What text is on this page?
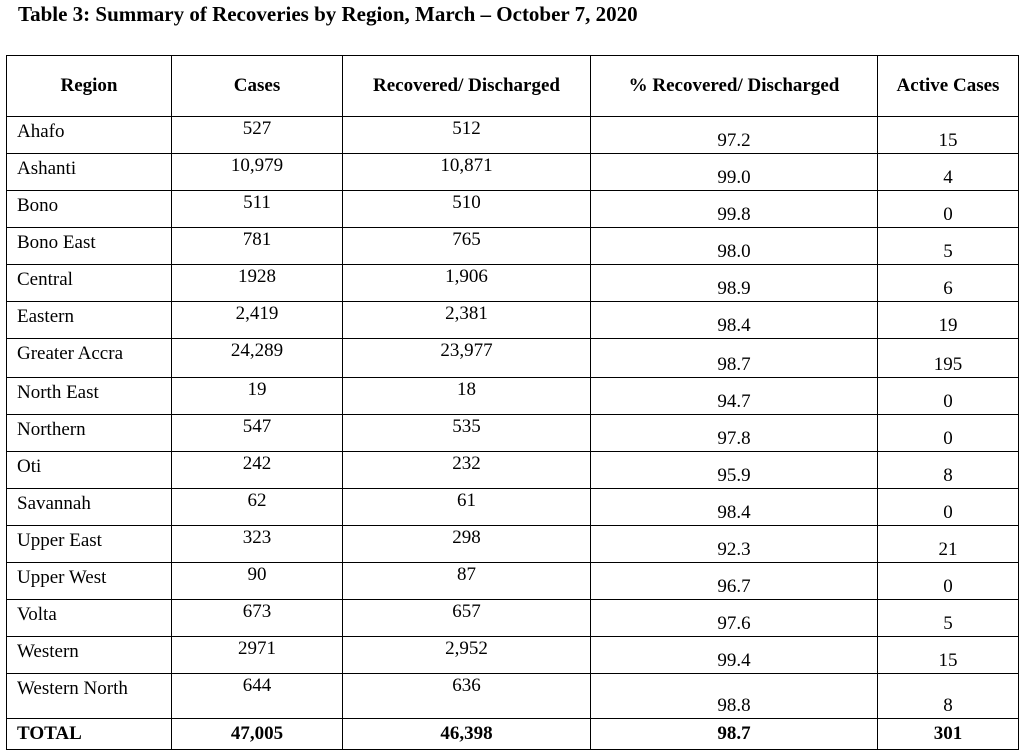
Table 3: Summary of Recoveries by Region, March – October 7, 2020
Region	Cases	Recovered/ Discharged	% Recovered/ Discharged	Active Cases
Ahafo	527	512	97.2	15
Ashanti	10,979	10,871	99.0	4
Bono	511	510	99.8	0
Bono East	781	765	98.0	5
Central	1928	1,906	98.9	6
Eastern	2,419	2,381	98.4	19
Greater Accra	24,289	23,977	98.7	195
North East	19	18	94.7	0
Northern	547	535	97.8	0
Oti	242	232	95.9	8
Savannah	62	61	98.4	0
Upper East	323	298	92.3	21
Upper West	90	87	96.7	0
Volta	673	657	97.6	5
Western	2971	2,952	99.4	15
Western North	644	636	98.8	8
TOTAL	47,005	46,398	98.7	301
